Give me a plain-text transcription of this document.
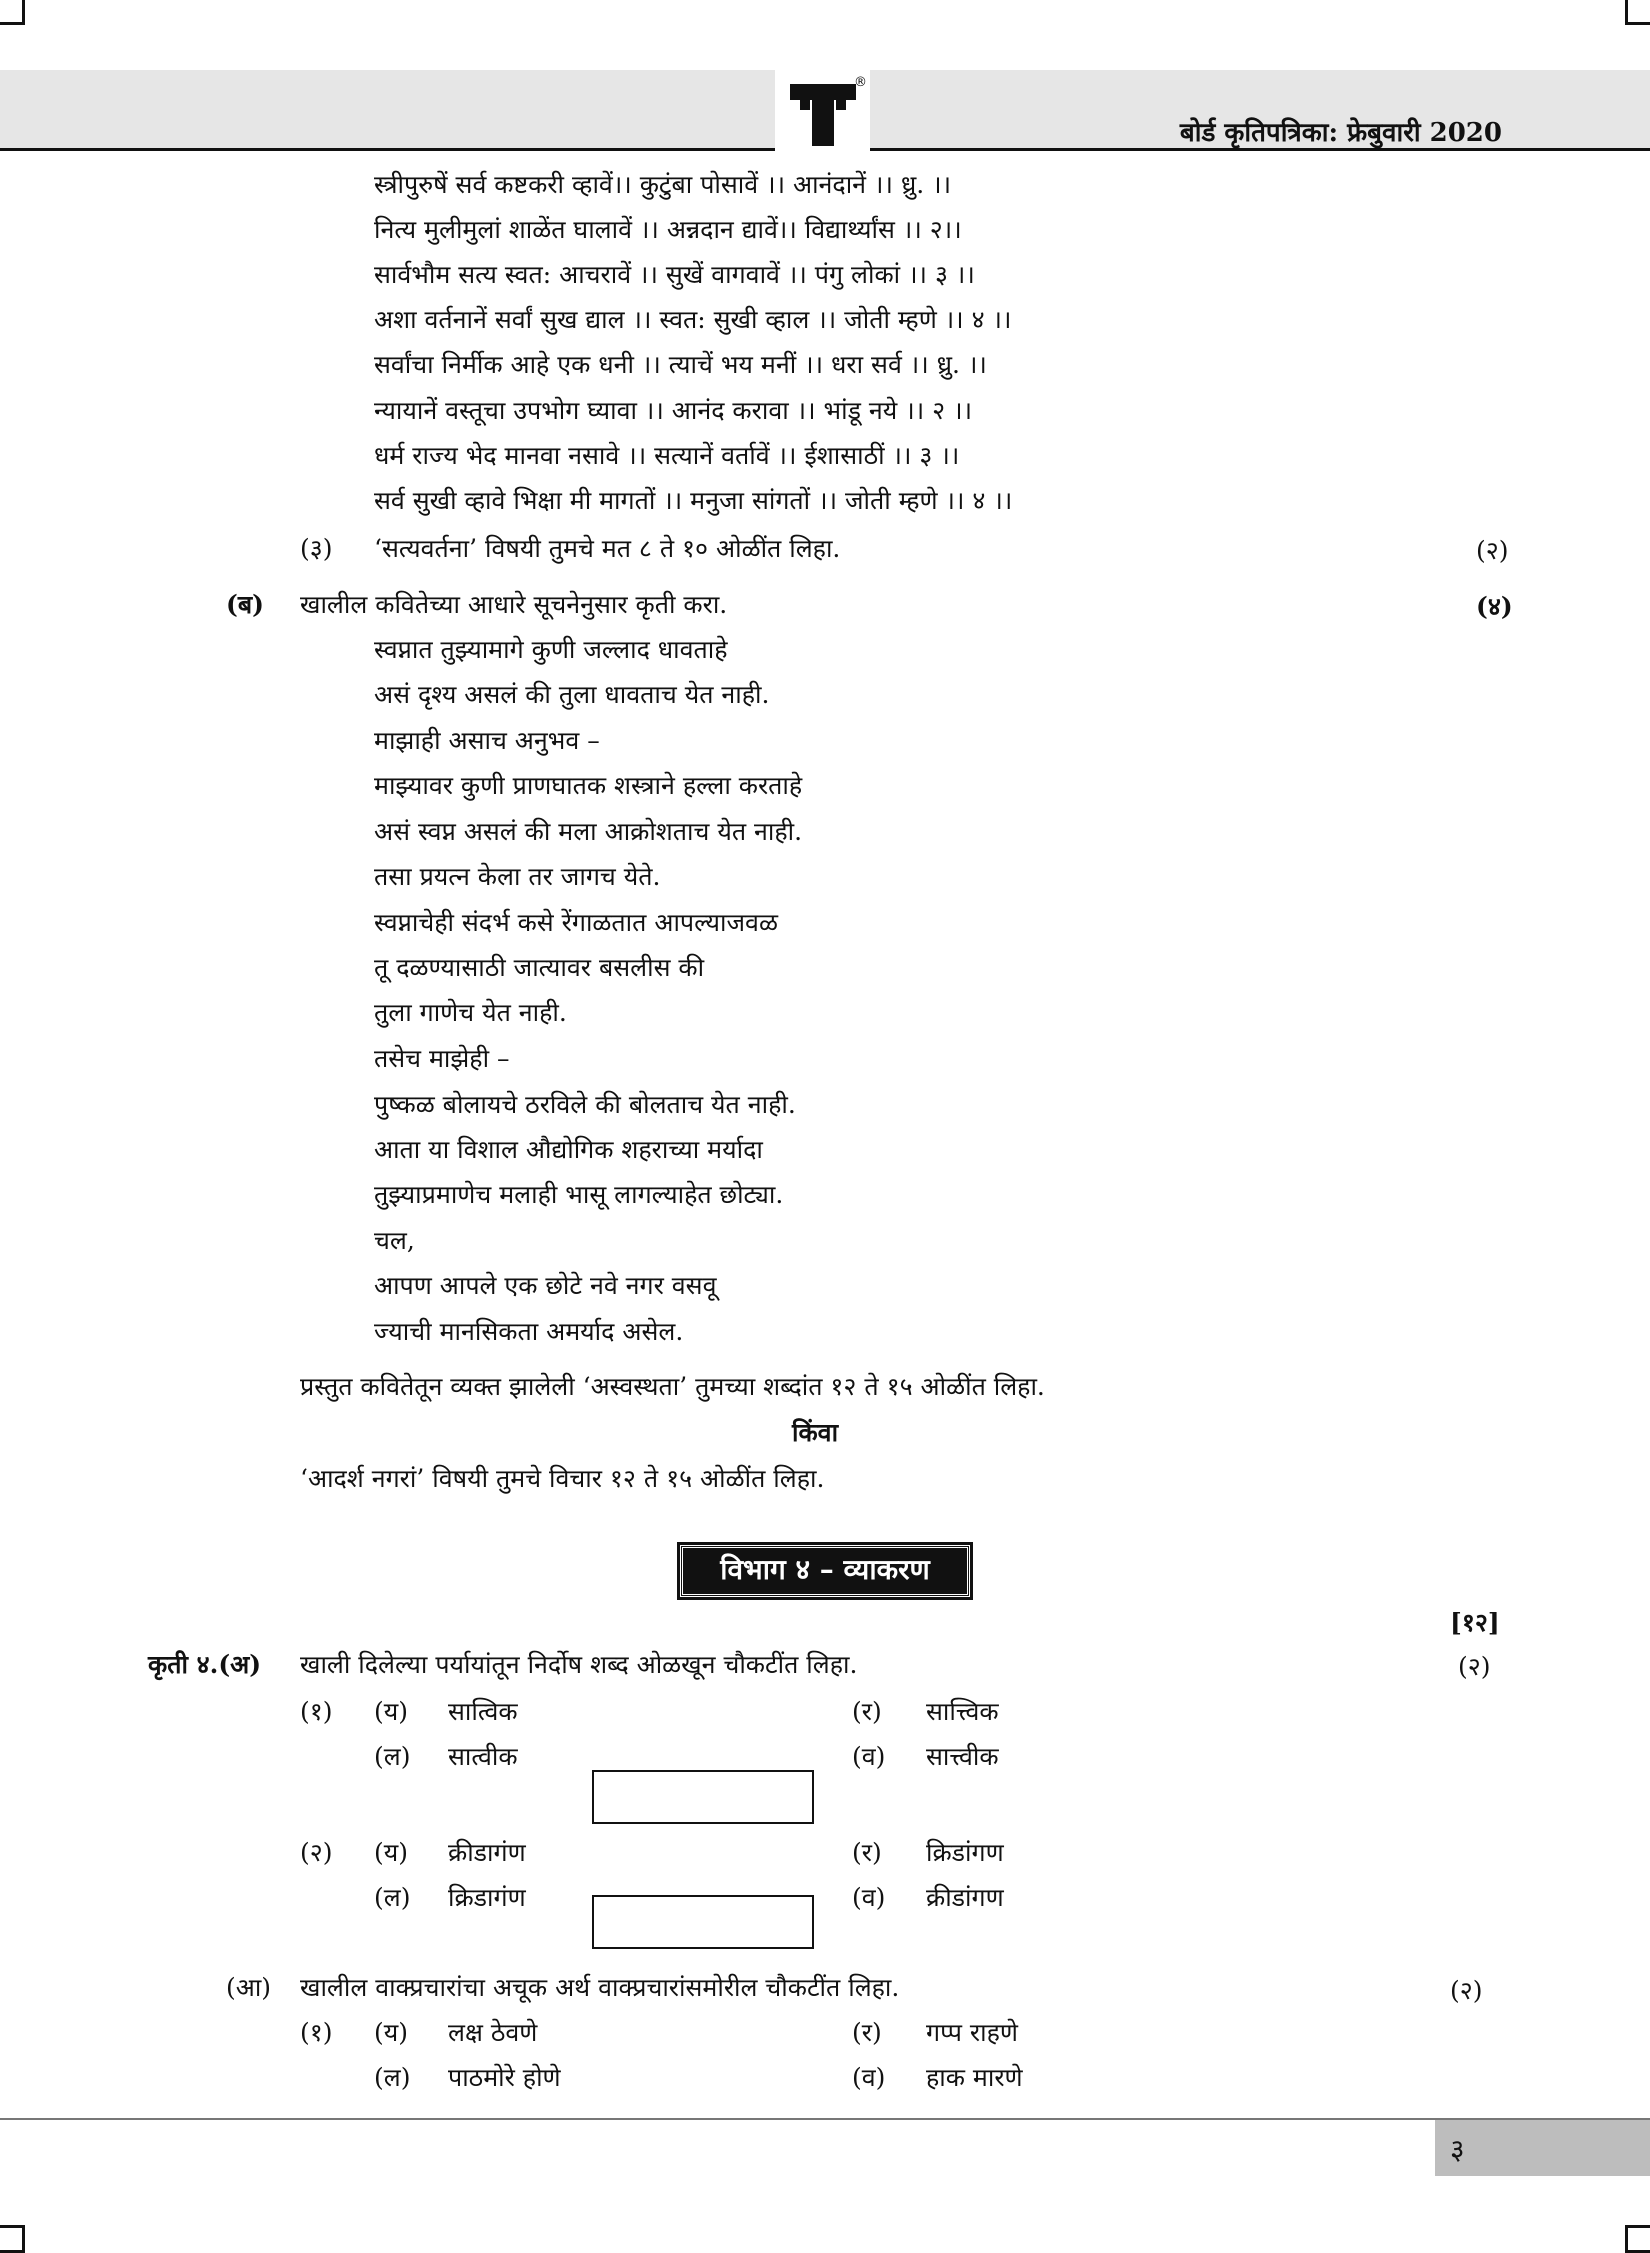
®
बोर्ड कृतिपत्रिका: फ्रेबुवारी 2020
स्त्रीपुरुषें सर्व कष्टकरी व्हावें।। कुटुंबा पोसावें ।। आनंदानें ।। ध्रु. ।।
नित्य मुलीमुलां शाळेंत घालावें ।। अन्नदान द्यावें।। विद्यार्थ्यांस ।। २।।
सार्वभौम सत्य स्वत: आचरावें ।। सुखें वागवावें ।। पंगु लोकां ।। ३ ।।
अशा वर्तनानें सर्वां सुख द्याल ।। स्वत: सुखी व्हाल ।। जोती म्हणे ।। ४ ।।
सर्वांचा निर्मीक आहे एक धनी ।। त्याचें भय मनीं ।। धरा सर्व ।। ध्रु. ।।
न्यायानें वस्तूचा उपभोग घ्यावा ।। आनंद करावा ।। भांडू नये ।। २ ।।
धर्म राज्य भेद मानवा नसावे ।। सत्यानें वर्तावें ।। ईशासाठीं ।। ३ ।।
सर्व सुखी व्हावे भिक्षा मी मागतों ।। मनुजा सांगतों ।। जोती म्हणे ।। ४ ।।
(३) ‘सत्यवर्तना’ विषयी तुमचे मत ८ ते १० ओळींत लिहा.	(२)
(ब) खालील कवितेच्या आधारे सूचनेनुसार कृती करा.	(४)
स्वप्नात तुझ्यामागे कुणी जल्लाद धावताहे
असं दृश्य असलं की तुला धावताच येत नाही.
माझाही असाच अनुभव –
माझ्यावर कुणी प्राणघातक शस्त्राने हल्ला करताहे
असं स्वप्न असलं की मला आक्रोशताच येत नाही.
तसा प्रयत्न केला तर जागच येते.
स्वप्नाचेही संदर्भ कसे रेंगाळतात आपल्याजवळ
तू दळण्यासाठी जात्यावर बसलीस की
तुला गाणेच येत नाही.
तसेच माझेही –
पुष्कळ बोलायचे ठरविले की बोलताच येत नाही.
आता या विशाल औद्योगिक शहराच्या मर्यादा
तुझ्याप्रमाणेच मलाही भासू लागल्याहेत छोट्या.
चल,
आपण आपले एक छोटे नवे नगर वसवू
ज्याची मानसिकता अमर्याद असेल.
प्रस्तुत कवितेतून व्यक्त झालेली ‘अस्वस्थता’ तुमच्या शब्दांत १२ ते १५ ओळींत लिहा.
किंवा
‘आदर्श नगरां’ विषयी तुमचे विचार १२ ते १५ ओळींत लिहा.
विभाग ४ – व्याकरण
[१२]
कृती ४.(अ) खाली दिलेल्या पर्यायांतून निर्दोष शब्द ओळखून चौकटींत लिहा.	(२)
(१) (य) सात्विक	(र) सात्त्विक
(ल) सात्वीक	(व) सात्त्वीक
(२) (य) क्रीडागंण	(र) क्रिडांगण
(ल) क्रिडागंण	(व) क्रीडांगण
(आ) खालील वाक्प्रचारांचा अचूक अर्थ वाक्प्रचारांसमोरील चौकटींत लिहा.	(२)
(१) (य) लक्ष ठेवणे	(र) गप्प राहणे
(ल) पाठमोरे होणे	(व) हाक मारणे
३
